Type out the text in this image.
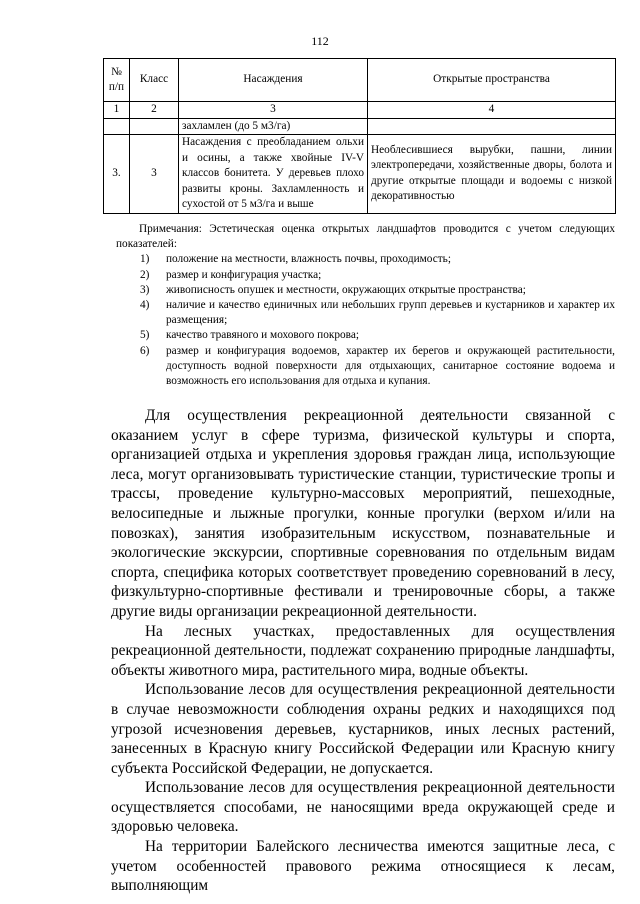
112
№ п/п	Класс	Насаждения	Открытые пространства
1	2	3	4
		захламлен (до 5 м3/га)	
3.	3	Насаждения с преобладанием ольхи и осины, а также хвойные IV-V классов бонитета. У деревьев плохо развиты кроны. Захламленность и сухостой от 5 м3/га и выше	Необлесившиеся вырубки, пашни, линии электропередачи, хозяйственные дворы, болота и другие открытые площади и водоемы с низкой декоративностью

Примечания: Эстетическая оценка открытых ландшафтов проводится с учетом следующих показателей:

1) положение на местности, влажность почвы, проходимость;
2) размер и конфигурация участка;
3) живописность опушек и местности, окружающих открытые пространства;
4) наличие и качество единичных или небольших групп деревьев и кустарников и характер их размещения;
5) качество травяного и мохового покрова;
6) размер и конфигурация водоемов, характер их берегов и окружающей растительности, доступность водной поверхности для отдыхающих, санитарное состояние водоема и возможность его использования для отдыха и купания.

Для осуществления рекреационной деятельности связанной с оказанием услуг в сфере туризма, физической культуры и спорта, организацией отдыха и укрепления здоровья граждан лица, использующие леса, могут организовывать туристические станции, туристические тропы и трассы, проведение культурно-массовых мероприятий, пешеходные, велосипедные и лыжные прогулки, конные прогулки (верхом и/или на повозках), занятия изобразительным искусством, познавательные и экологические экскурсии, спортивные соревнования по отдельным видам спорта, специфика которых соответствует проведению соревнований в лесу, физкультурно-спортивные фестивали и тренировочные сборы, а также другие виды организации рекреационной деятельности.

На лесных участках, предоставленных для осуществления рекреационной деятельности, подлежат сохранению природные ландшафты, объекты животного мира, растительного мира, водные объекты.

Использование лесов для осуществления рекреационной деятельности в случае невозможности соблюдения охраны редких и находящихся под угрозой исчезновения деревьев, кустарников, иных лесных растений, занесенных в Красную книгу Российской Федерации или Красную книгу субъекта Российской Федерации, не допускается.

Использование лесов для осуществления рекреационной деятельности осуществляется способами, не наносящими вреда окружающей среде и здоровью человека.

На территории Балейского лесничества имеются защитные леса, с учетом особенностей правового режима относящиеся к лесам, выполняющим
